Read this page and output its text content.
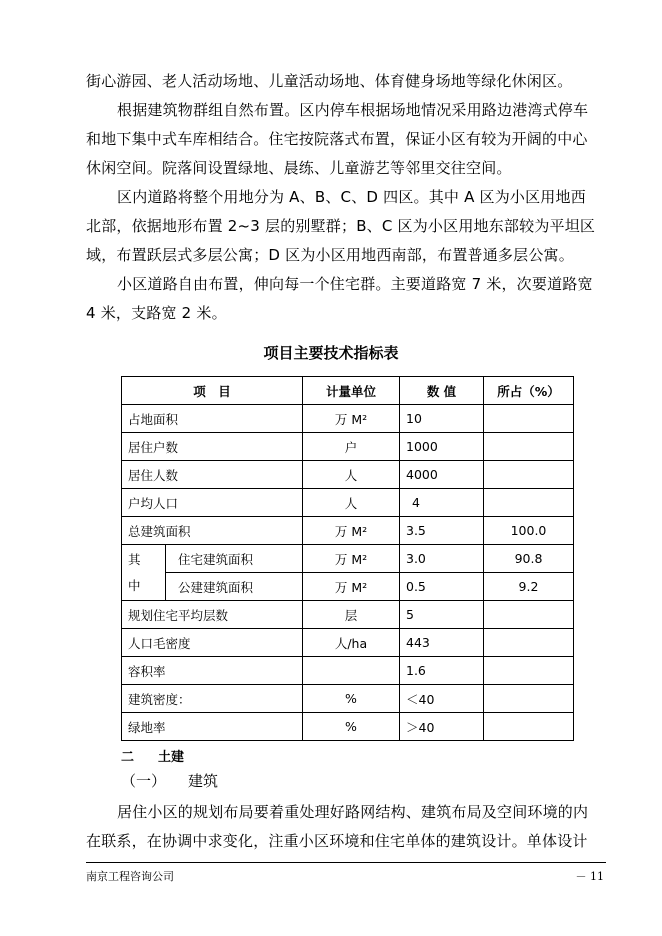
街心游园、老人活动场地、儿童活动场地、体育健身场地等绿化休闲区。
根据建筑物群组自然布置。区内停车根据场地情况采用路边港湾式停车
和地下集中式车库相结合。住宅按院落式布置，保证小区有较为开阔的中心
休闲空间。院落间设置绿地、晨练、儿童游艺等邻里交往空间。
区内道路将整个用地分为 A、B、C、D 四区。其中 A 区为小区用地西
北部，依据地形布置 2~3 层的别墅群；B、C 区为小区用地东部较为平坦区
域，布置跃层式多层公寓；D 区为小区用地西南部，布置普通多层公寓。
小区道路自由布置，伸向每一个住宅群。主要道路宽 7 米，次要道路宽
4 米，支路宽 2 米。
项目主要技术指标表
项　目		计量单位	数 值	所占（%）
占地面积		万 M²	10	
居住户数		户	1000	
居住人数		人	4000	
户均人口		人	4	
总建筑面积		万 M²	3.5	100.0
其
中	住宅建筑面积	万 M²	3.0	90.8
	公建建筑面积	万 M²	0.5	9.2
规划住宅平均层数		层	5	
人口毛密度		人/ha	443	
容积率			1.6	
建筑密度：		%	＜40	
绿地率		%	＞40	
二 土建
（一） 建筑
居住小区的规划布局要着重处理好路网结构、建筑布局及空间环境的内
在联系，在协调中求变化，注重小区环境和住宅单体的建筑设计。单体设计
南京工程咨询公司	－ 11
